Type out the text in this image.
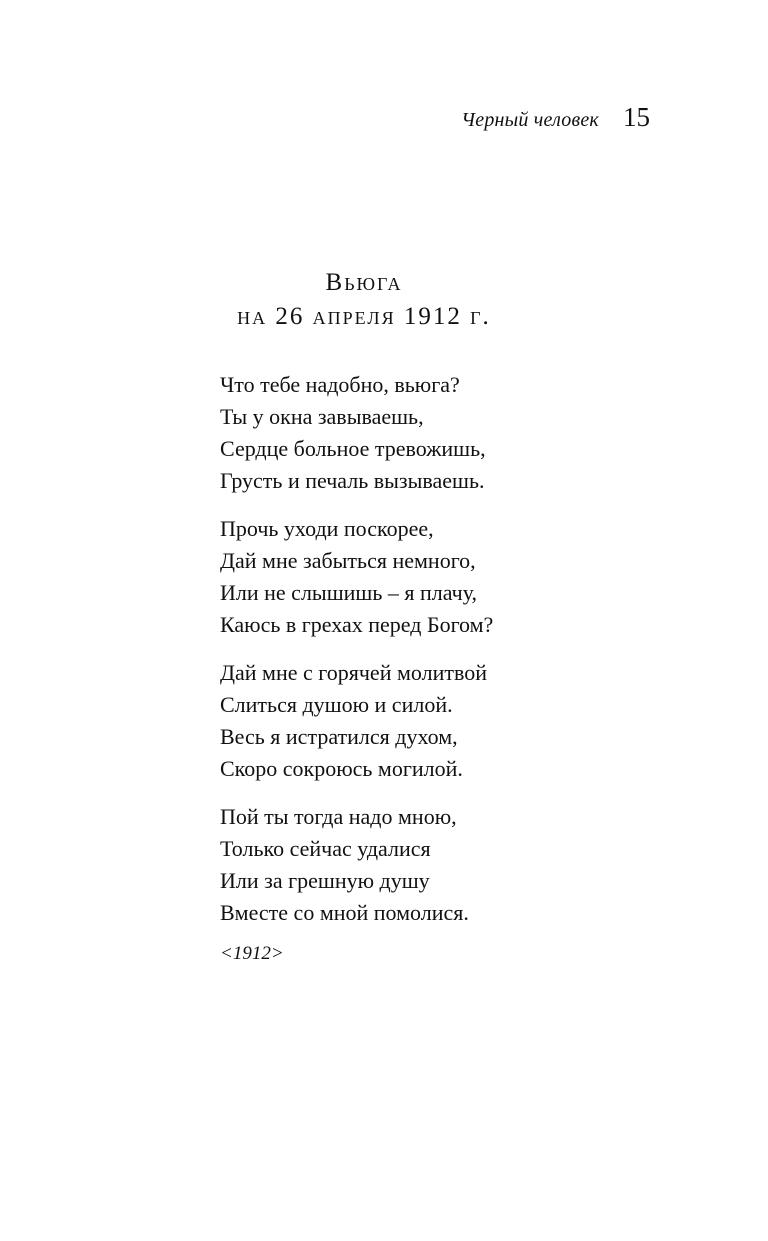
Черный человек 15
Вьюга
на 26 апреля 1912 г.
Что тебе надобно, вьюга?
Ты у окна завываешь,
Сердце больное тревожишь,
Грусть и печаль вызываешь.
Прочь уходи поскорее,
Дай мне забыться немного,
Или не слышишь – я плачу,
Каюсь в грехах перед Богом?
Дай мне с горячей молитвой
Слиться душою и силой.
Весь я истратился духом,
Скоро сокроюсь могилой.
Пой ты тогда надо мною,
Только сейчас удалися
Или за грешную душу
Вместе со мной помолися.
<1912>
